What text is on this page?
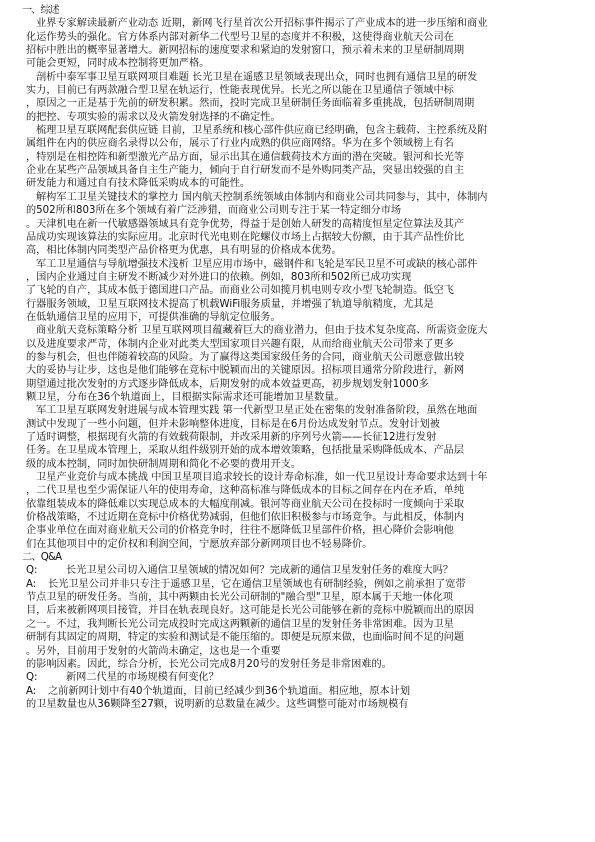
一、综述
业界专家解读最新产业动态 近期，新网飞行星首次公开招标事件揭示了产业成本的进一步压缩和商业
化运作势头的强化。官方体系内部对新华二代型号卫星的态度并不积极，这使得商业航天公司在
招标中胜出的概率显著增大。新网招标的速度要求和紧迫的发射窗口，预示着未来的卫星研制周期
可能会更短，同时成本控制将更加严格。
剖析中泰军事卫星互联网项目难题 长光卫星在遥感卫星领域表现出众，同时也拥有通信卫星的研发
实力，目前已有两款融合型卫星在轨运行，性能表现优异。长光之所以能在卫星通信子领域中标
，原因之一正是基于先前的研发积累。然而，投时完成卫星研制任务面临着多重挑战，包括研制周期
的把控、专项实验的需求以及火箭发射选择的不确定性。
梳理卫星互联网配套供应链 目前，卫星系统和核心部件供应商已经明确，包含主载荷、主控系统及附
属组件在内的供应商名录得以公布，展示了行业内成熟的供应商网络。华为在多个领域榜上有名
，特别是在相控阵和新型激光产品方面，显示出其在通信载荷技术方面的潜在突破。银河和长光等
企业在某些产品领域具备自主生产能力，倾向于自行研发而不是外购同类产品，突显出较强的自主
研发能力和通过自有技术降低采购成本的可能性。
解构军工卫星关键技术的掌控力 国内航天控制系统领域由体制内和商业公司共同参与，其中，体制内
的502所和803所在多个领域有着广泛涉猎，而商业公司则专注于某一特定细分市场
。天津机电在新一代敏感器领域具有竞争优势，得益于是创始人研发的高精度恒星定位算法及其产
品成功实现该算法的实际应用。北京时代光电则在陀螺仪市场上占据较大份额，由于其产品性价比
高，相比体制内同类型产品价格更为优惠，具有明显的价格成本优势。
军工卫星通信与导航增强技术浅析 卫星应用市场中，磁钢件和飞轮是军民卫星不可或缺的核心部件
，国内企业通过自主研发不断减少对外进口的依赖。例如，803所和502所已成功实现
了飞轮的自产，其成本低于德国进口产品。而商业公司如揽月机电则专攻小型飞轮制造。低空飞
行器服务领域，卫星互联网技术提高了机载WiFi服务质量，并增强了轨道导航精度，尤其是
在低轨通信卫星的应用下，可提供准确的导航定位服务。
商业航天竞标策略分析 卫星互联网项目蕴藏着巨大的商业潜力，但由于技术复杂度高、所需资金庞大
以及进度要求严苛，体制内企业对此类大型国家项目兴趣有限，从而给商业航天公司带来了更多
的参与机会，但也伴随着较高的风险。为了赢得这类国家级任务的合同，商业航天公司愿意做出较
大的妥协与让步，这也是他们能够在竞标中脱颖而出的关键原因。招标项目通常分阶段进行，新网
期望通过批次发射的方式逐步降低成本，后期发射的成本效益更高，初步规划发射1000多
颗卫星，分布在36个轨道面上，目根据实际需求还可能增加卫星数量。
军工卫星互联网发射进展与成本管理实践 第一代新型卫星正处在密集的发射准备阶段，虽然在地面
测试中发现了一些小问题，但并未影响整体进度，目标是在6月份达成发射节点。发射计划被
了适时调整，根据现有火箭的有效载荷限制，并改采用新的序列号火箭——长征12进行发射
任务。在卫星成本管理上，采取从组件级别开始的成本增效策略，包括批量采购降低成本、产品层
级的成本控制，同时加快研制周期和简化不必要的费用开支。
卫星产业竞价与成本挑战 中国卫星项目追求较长的设计寿命标准，如一代卫星设计寿命要求达到十年
，二代卫星也至少需保证八年的使用寿命，这种高标准与降低成本的目标之间存在内在矛盾，单纯
依靠组装成本的降低难以实现总成本的大幅度削减。银河等商业航天公司在投标时一度倾向于采取
价格战策略，不过近期在竞标中价格优势减弱，但他们依旧积极参与市场竞争。与此相反，体制内
企事业单位在面对商业航天公司的价格竞争时，往往不愿降低卫星部件价格，担心降价会影响他
们在其他项目中的定价权和利润空间，宁愿放弃部分新网项目也不轻易降价。
二、Q&A
Q:	长光卫星公司切入通信卫星领域的情况如何？完成新的通信卫星发射任务的难度大吗？
A: 长光卫星公司并非只专注于遥感卫星，它在通信卫星领域也有研制经验，例如之前承担了宽带
节点卫星的研发任务。当前，其中两颗由长光公司研制的"融合型"卫星，原本属于天地一体化项
目，后来被新网项目接管，并目在轨表现良好。这可能是长光公司能够在新的竞标中脱颖而出的原因
之一。不过，我判断长光公司完成投时完成这两颗新的通信卫星的发射任务非常困难。因为卫星
研制有其固定的周期，特定的实验和测试是不能压缩的。即便是玩原来做，也面临时间不足的问题
。另外，目前用于发射的火箭尚未确定，这也是一个重要
的影响因素。因此，综合分析，长光公司完成8月20号的发射任务是非常困难的。
Q:	新网二代星的市场规模有何变化？
A: 之前新网计划中有40个轨道面，目前已经减少到36个轨道面。相应地，原本计划
的卫星数量也从36颗降至27颗，说明新的总数量在减少。这些调整可能对市场规模有
